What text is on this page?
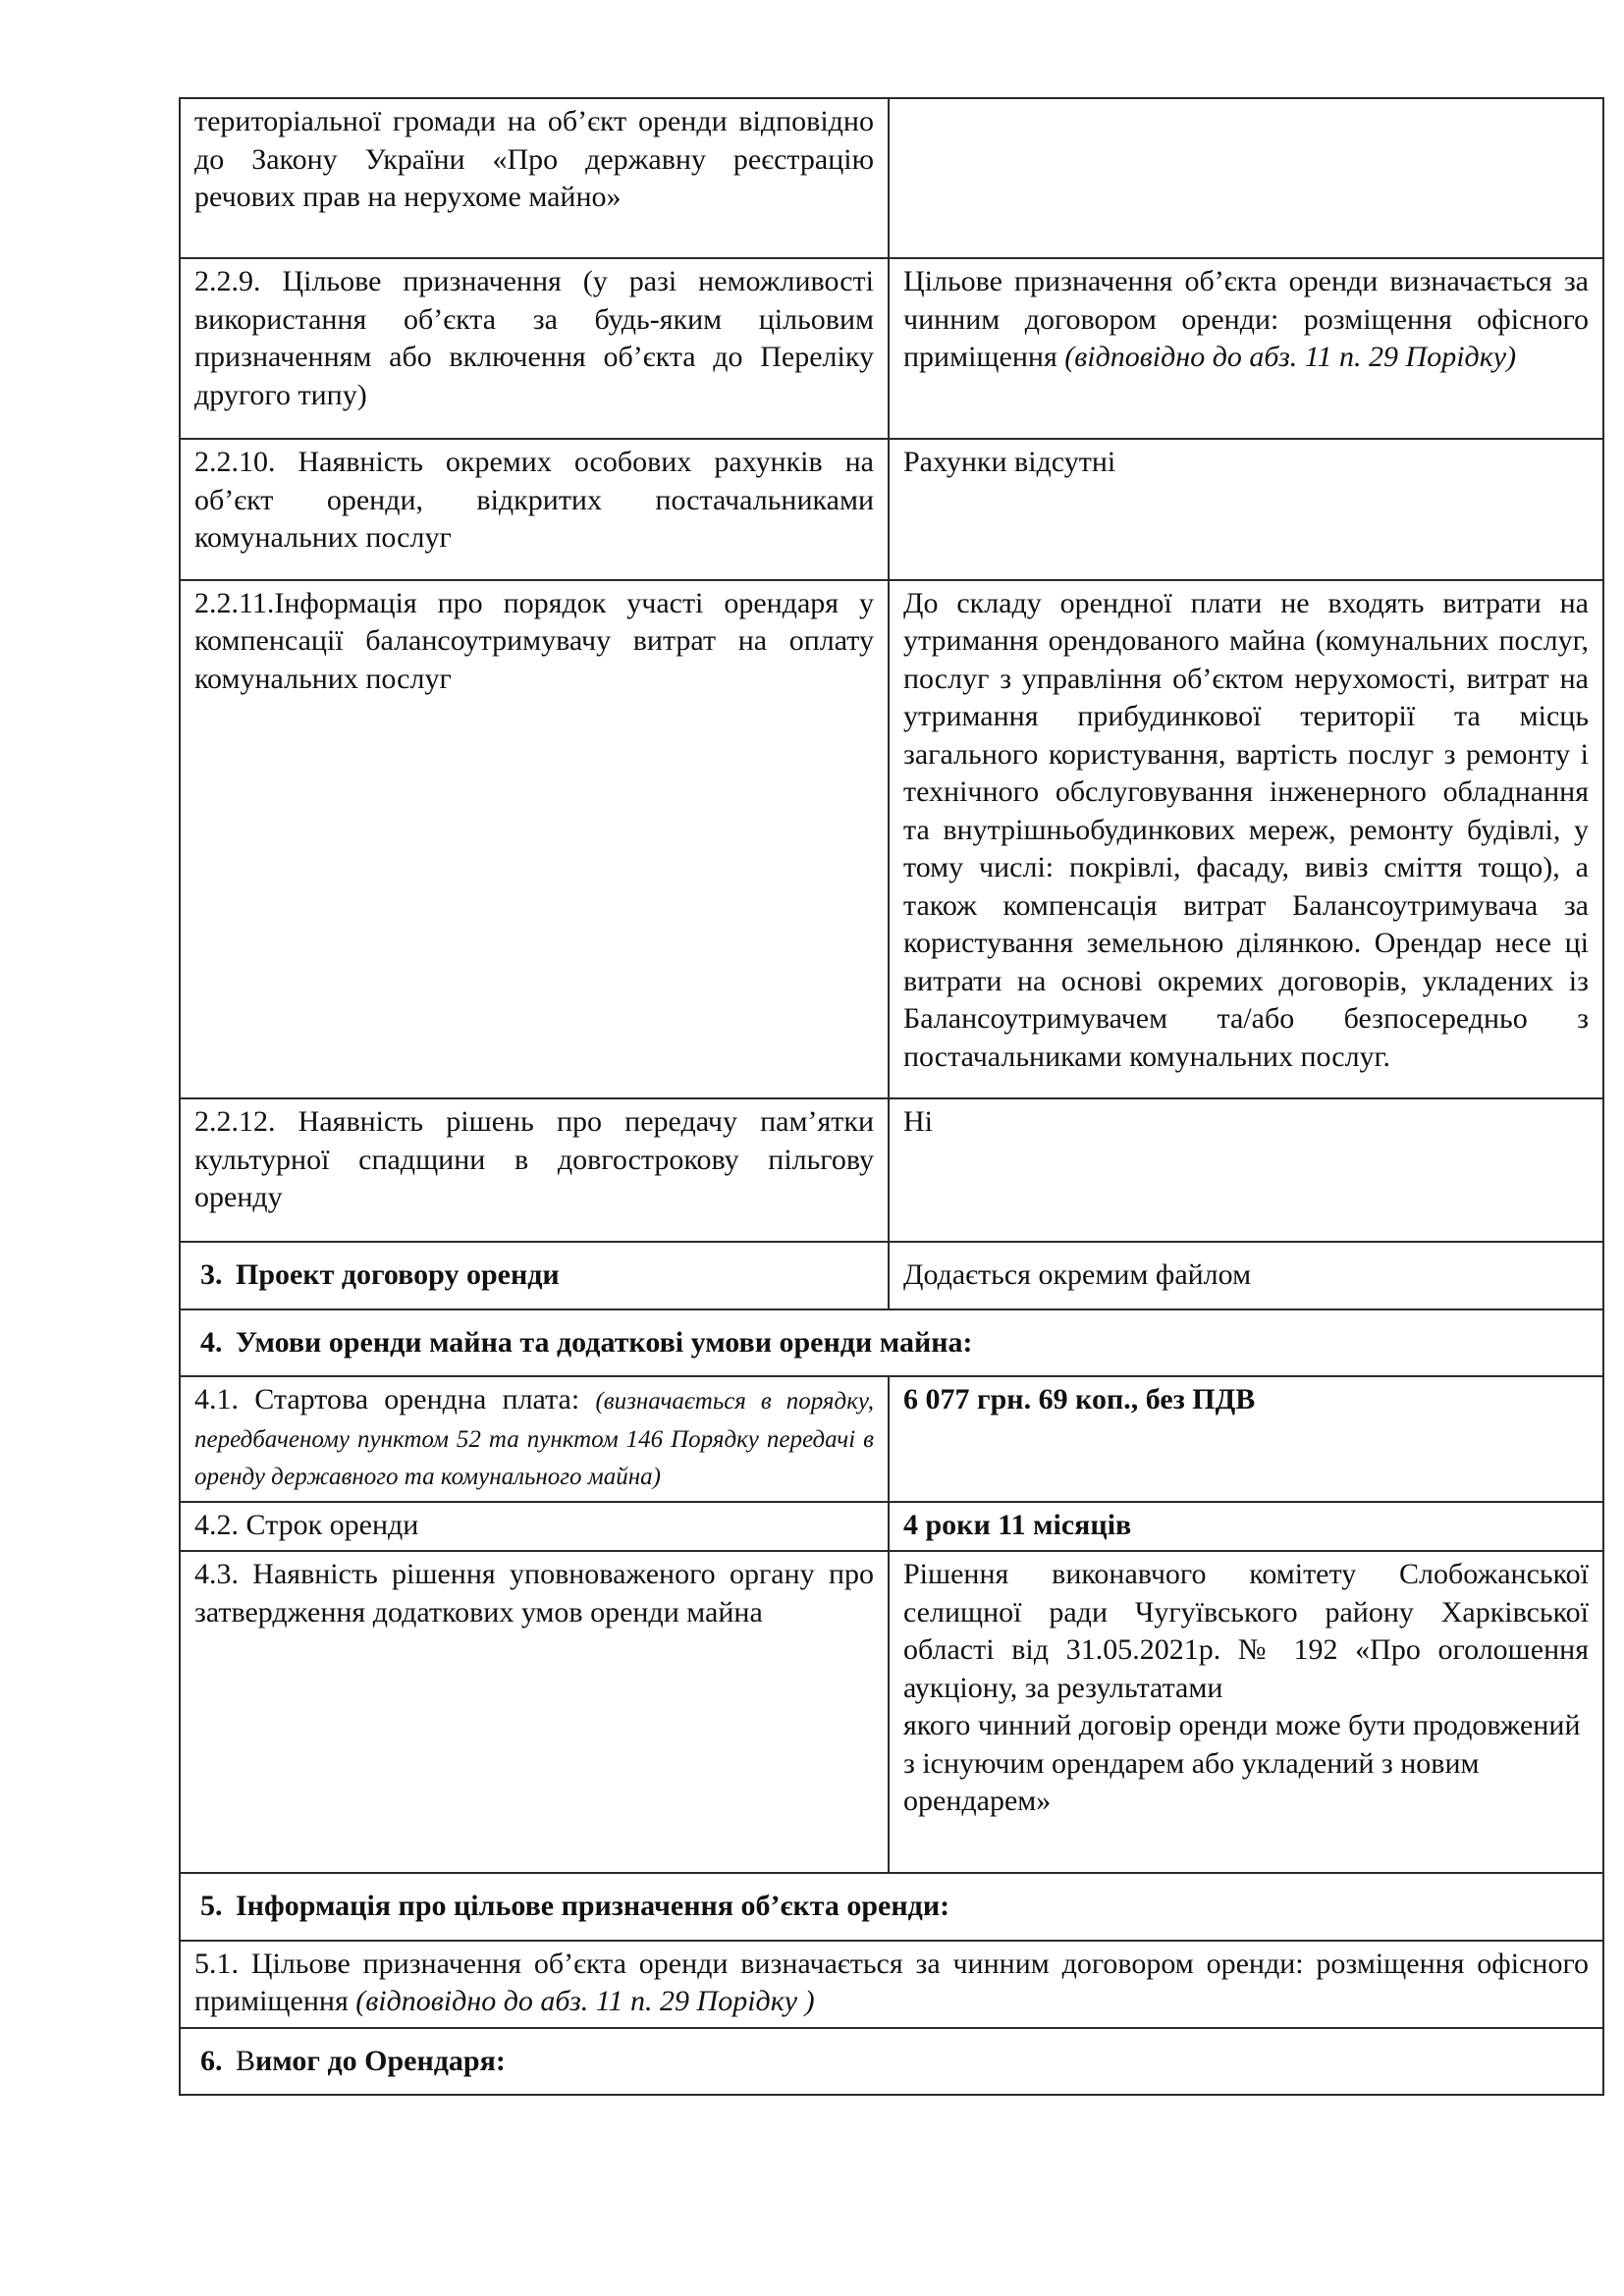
територіальної громади на об’єкт оренди відповідно до Закону України «Про державну реєстрацію речових прав на нерухоме майно»	
2.2.9. Цільове призначення (у разі неможливості використання об’єкта за будь-яким цільовим призначенням або включення об’єкта до Переліку другого типу)	Цільове призначення об’єкта оренди визначається за чинним договором оренди: розміщення офісного приміщення (відповідно до абз. 11 п. 29 Порідку)
2.2.10. Наявність окремих особових рахунків на об’єкт оренди, відкритих постачальниками комунальних послуг	Рахунки відсутні
2.2.11.Інформація про порядок участі орендаря у компенсації балансоутримувачу витрат на оплату комунальних послуг	До складу орендної плати не входять витрати на утримання орендованого майна (комунальних послуг, послуг з управління об’єктом нерухомості, витрат на утримання прибудинкової території та місць загального користування, вартість послуг з ремонту і технічного обслуговування інженерного обладнання та внутрішньобудинкових мереж, ремонту будівлі, у тому числі: покрівлі, фасаду, вивіз сміття тощо), а також компенсація витрат Балансоутримувача за користування земельною ділянкою. Орендар несе ці витрати на основі окремих договорів, укладених із Балансоутримувачем та/або безпосередньо з постачальниками комунальних послуг.
2.2.12. Наявність рішень про передачу пам’ятки культурної спадщини в довгострокову пільгову оренду	Ні
3. Проект договору оренди	Додається окремим файлом
4. Умови оренди майна та додаткові умови оренди майна:	
4.1. Стартова орендна плата: (визначається в порядку, передбаченому пунктом 52 та пунктом 146 Порядку передачі в оренду державного та комунального майна)	6 077 грн. 69 коп., без ПДВ
4.2. Строк оренди	4 роки 11 місяців
4.3. Наявність рішення уповноваженого органу про затвердження додаткових умов оренди майна	Рішення виконавчого комітету Слобожанської селищної ради Чугуївського району Харківської області від 31.05.2021р. № 192 «Про оголошення аукціону, за результатами
якого чинний договір оренди може бути продовжений з існуючим орендарем або укладений з новим орендарем»

5. Інформація про цільове призначення об’єкта оренди:	
5.1. Цільове призначення об’єкта оренди визначається за чинним договором оренди: розміщення офісного приміщення (відповідно до абз. 11 п. 29 Порідку )	
6. Вимог до Орендаря:	
